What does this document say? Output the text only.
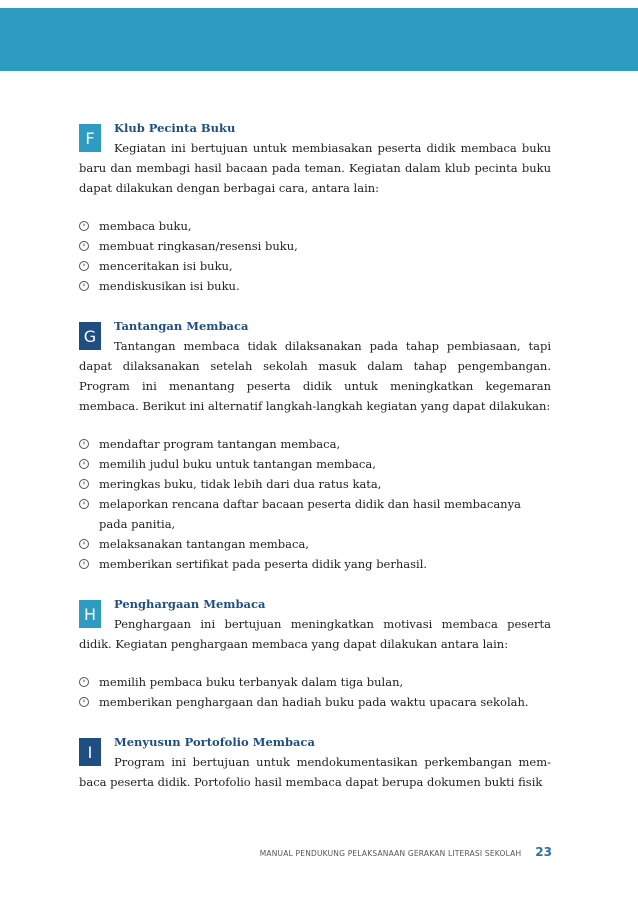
F
Klub Pecinta Buku

Kegiatan ini bertujuan untuk membiasakan peserta didik membaca buku baru dan membagi hasil bacaan pada teman. Kegiatan dalam klub pecinta buku dapat dilakukan dengan berbagai cara, antara lain:

›	membaca buku,
›	membuat ringkasan/resensi buku,
›	menceritakan isi buku,
›	mendiskusikan isi buku.
G
Tantangan Membaca

Tantangan membaca tidak dilaksanakan pada tahap pembiasaan, tapi dapat dilaksanakan setelah sekolah masuk dalam tahap pengembangan. Program ini menantang peserta didik untuk meningkatkan kegemaran membaca. Berikut ini alternatif langkah-langkah kegiatan yang dapat dilakukan:

›	mendaftar program tantangan membaca,
›	memilih judul buku untuk tantangan membaca,
›	meringkas buku, tidak lebih dari dua ratus kata,
›	melaporkan rencana daftar bacaan peserta didik dan hasil membacanya pada panitia,
›	melaksanakan tantangan membaca,
›	memberikan sertifikat pada peserta didik yang berhasil.
H
Penghargaan Membaca

Penghargaan ini bertujuan meningkatkan motivasi membaca peserta didik. Kegiatan penghargaan membaca yang dapat dilakukan antara lain:

›	memilih pembaca buku terbanyak dalam tiga bulan,
›	memberikan penghargaan dan hadiah buku pada waktu upacara sekolah.
I
Menyusun Portofolio Membaca

Program ini bertujuan untuk mendokumentasikan perkembangan mem-baca peserta didik. Portofolio hasil membaca dapat berupa dokumen bukti fisik

MANUAL PENDUKUNG PELAKSANAAN GERAKAN LITERASI SEKOLAH 23
